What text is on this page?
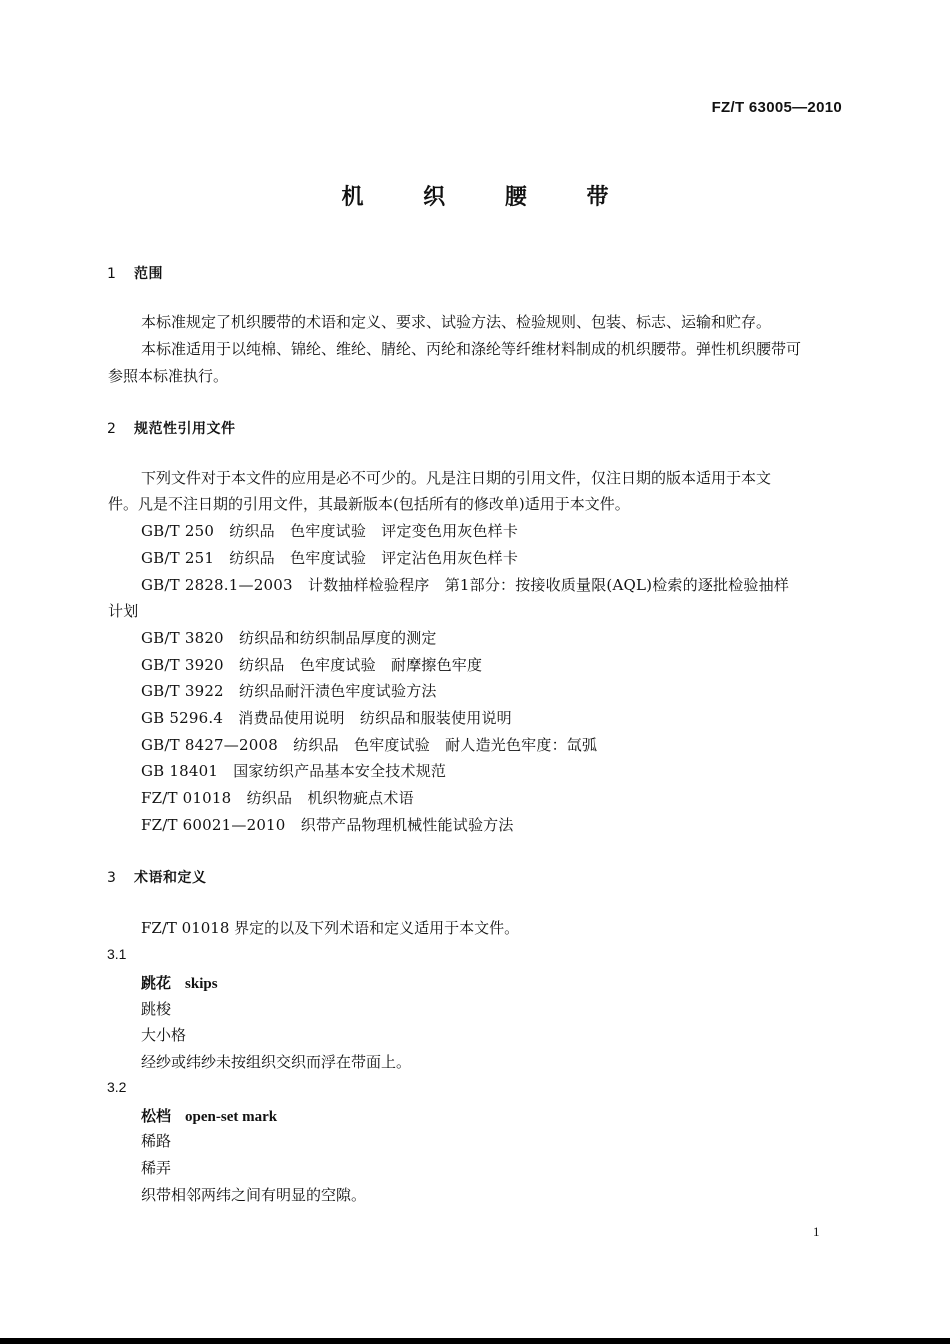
FZ/T 63005—2010
机 织 腰 带
1 范围
本标准规定了机织腰带的术语和定义、要求、试验方法、检验规则、包装、标志、运输和贮存。
本标准适用于以纯棉、锦纶、维纶、腈纶、丙纶和涤纶等纤维材料制成的机织腰带。弹性机织腰带可
参照本标准执行。
2 规范性引用文件
下列文件对于本文件的应用是必不可少的。凡是注日期的引用文件，仅注日期的版本适用于本文
件。凡是不注日期的引用文件，其最新版本(包括所有的修改单)适用于本文件。
GB/T 250　纺织品　色牢度试验　评定变色用灰色样卡
GB/T 251　纺织品　色牢度试验　评定沾色用灰色样卡
GB/T 2828.1—2003　计数抽样检验程序　第1部分：按接收质量限(AQL)检索的逐批检验抽样
计划
GB/T 3820　纺织品和纺织制品厚度的测定
GB/T 3920　纺织品　色牢度试验　耐摩擦色牢度
GB/T 3922　纺织品耐汗渍色牢度试验方法
GB 5296.4　消费品使用说明　纺织品和服装使用说明
GB/T 8427—2008　纺织品　色牢度试验　耐人造光色牢度：氙弧
GB 18401　国家纺织产品基本安全技术规范
FZ/T 01018　纺织品　机织物疵点术语
FZ/T 60021—2010　织带产品物理机械性能试验方法
3 术语和定义
FZ/T 01018 界定的以及下列术语和定义适用于本文件。
3.1
跳花 skips
跳梭
大小格
经纱或纬纱未按组织交织而浮在带面上。
3.2
松档 open-set mark
稀路
稀弄
织带相邻两纬之间有明显的空隙。
1
